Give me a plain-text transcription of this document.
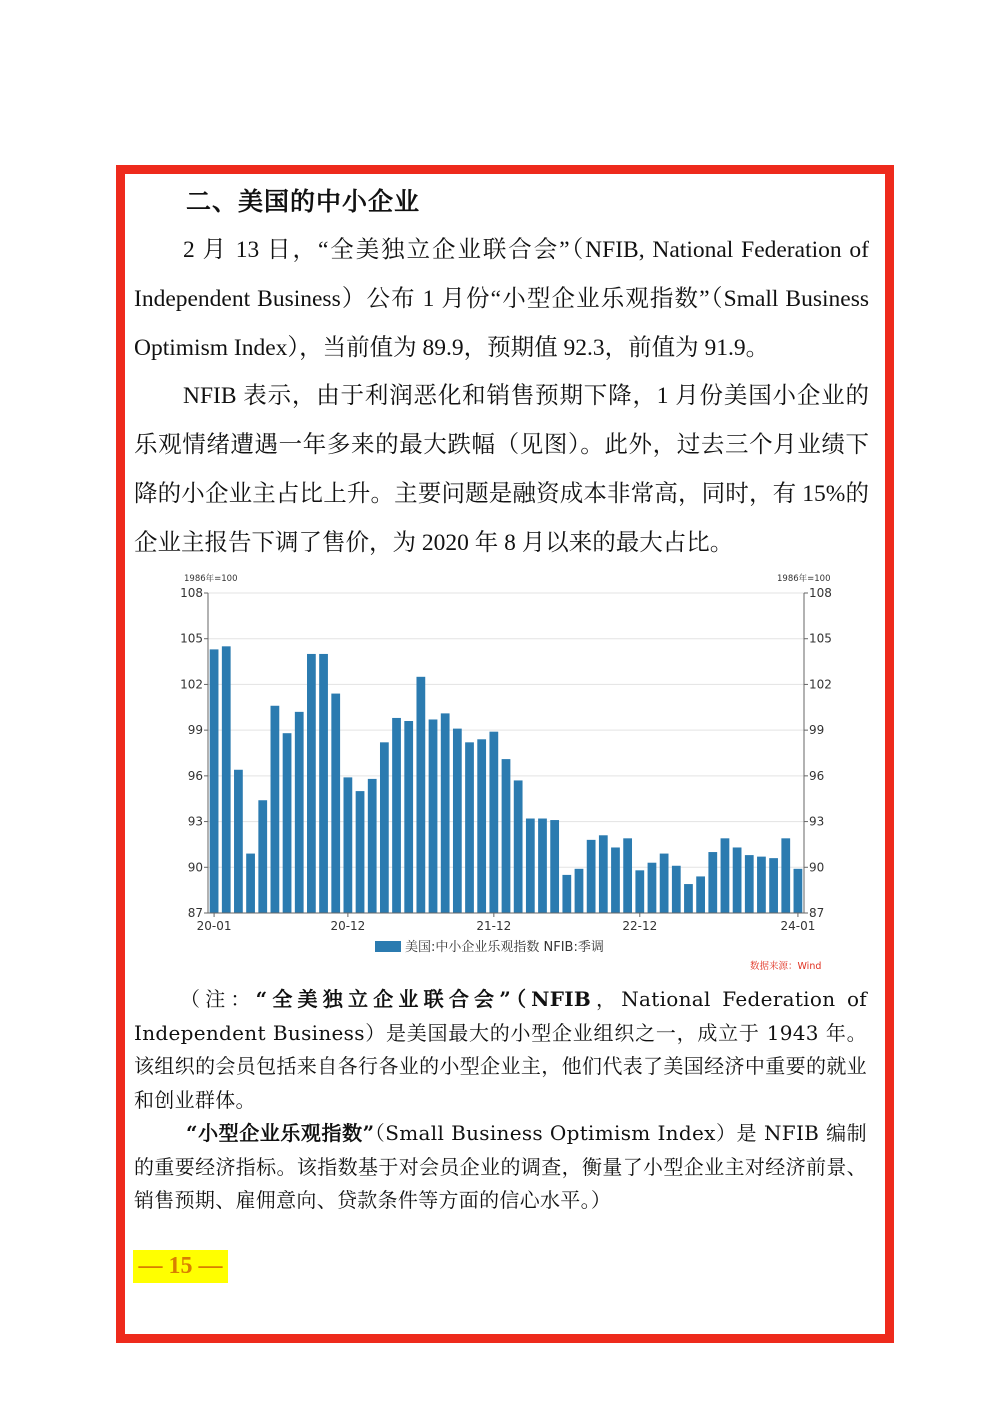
二、美国的中小企业

2 月 13 日，“全美独立企业联合会”（NFIB, National Federation of Independent Business）公布 1 月份“小型企业乐观指数”（Small Business Optimism Index），当前值为 89.9，预期值 92.3，前值为 91.9。

NFIB 表示，由于利润恶化和销售预期下降，1 月份美国小企业的乐观情绪遭遇一年多来的最大跌幅（见图）。此外，过去三个月业绩下降的小企业主占比上升。主要问题是融资成本非常高，同时，有 15%的企业主报告下调了售价，为 2020 年 8 月以来的最大占比。

1986年=100	1986年=100
87	87
90	90
93	93
96	96
99	99
102	102
105	105
108	108
20-01	20-12	21-12	22-12	24-01
美国:中小企业乐观指数 NFIB:季调
数据来源：Wind

（注：“全美独立企业联合会”（NFIB，National Federation of Independent Business）是美国最大的小型企业组织之一，成立于 1943 年。该组织的会员包括来自各行各业的小型企业主，他们代表了美国经济中重要的就业和创业群体。

“小型企业乐观指数”（Small Business Optimism Index）是 NFIB 编制的重要经济指标。该指数基于对会员企业的调查，衡量了小型企业主对经济前景、销售预期、雇佣意向、贷款条件等方面的信心水平。）

— 15 —
